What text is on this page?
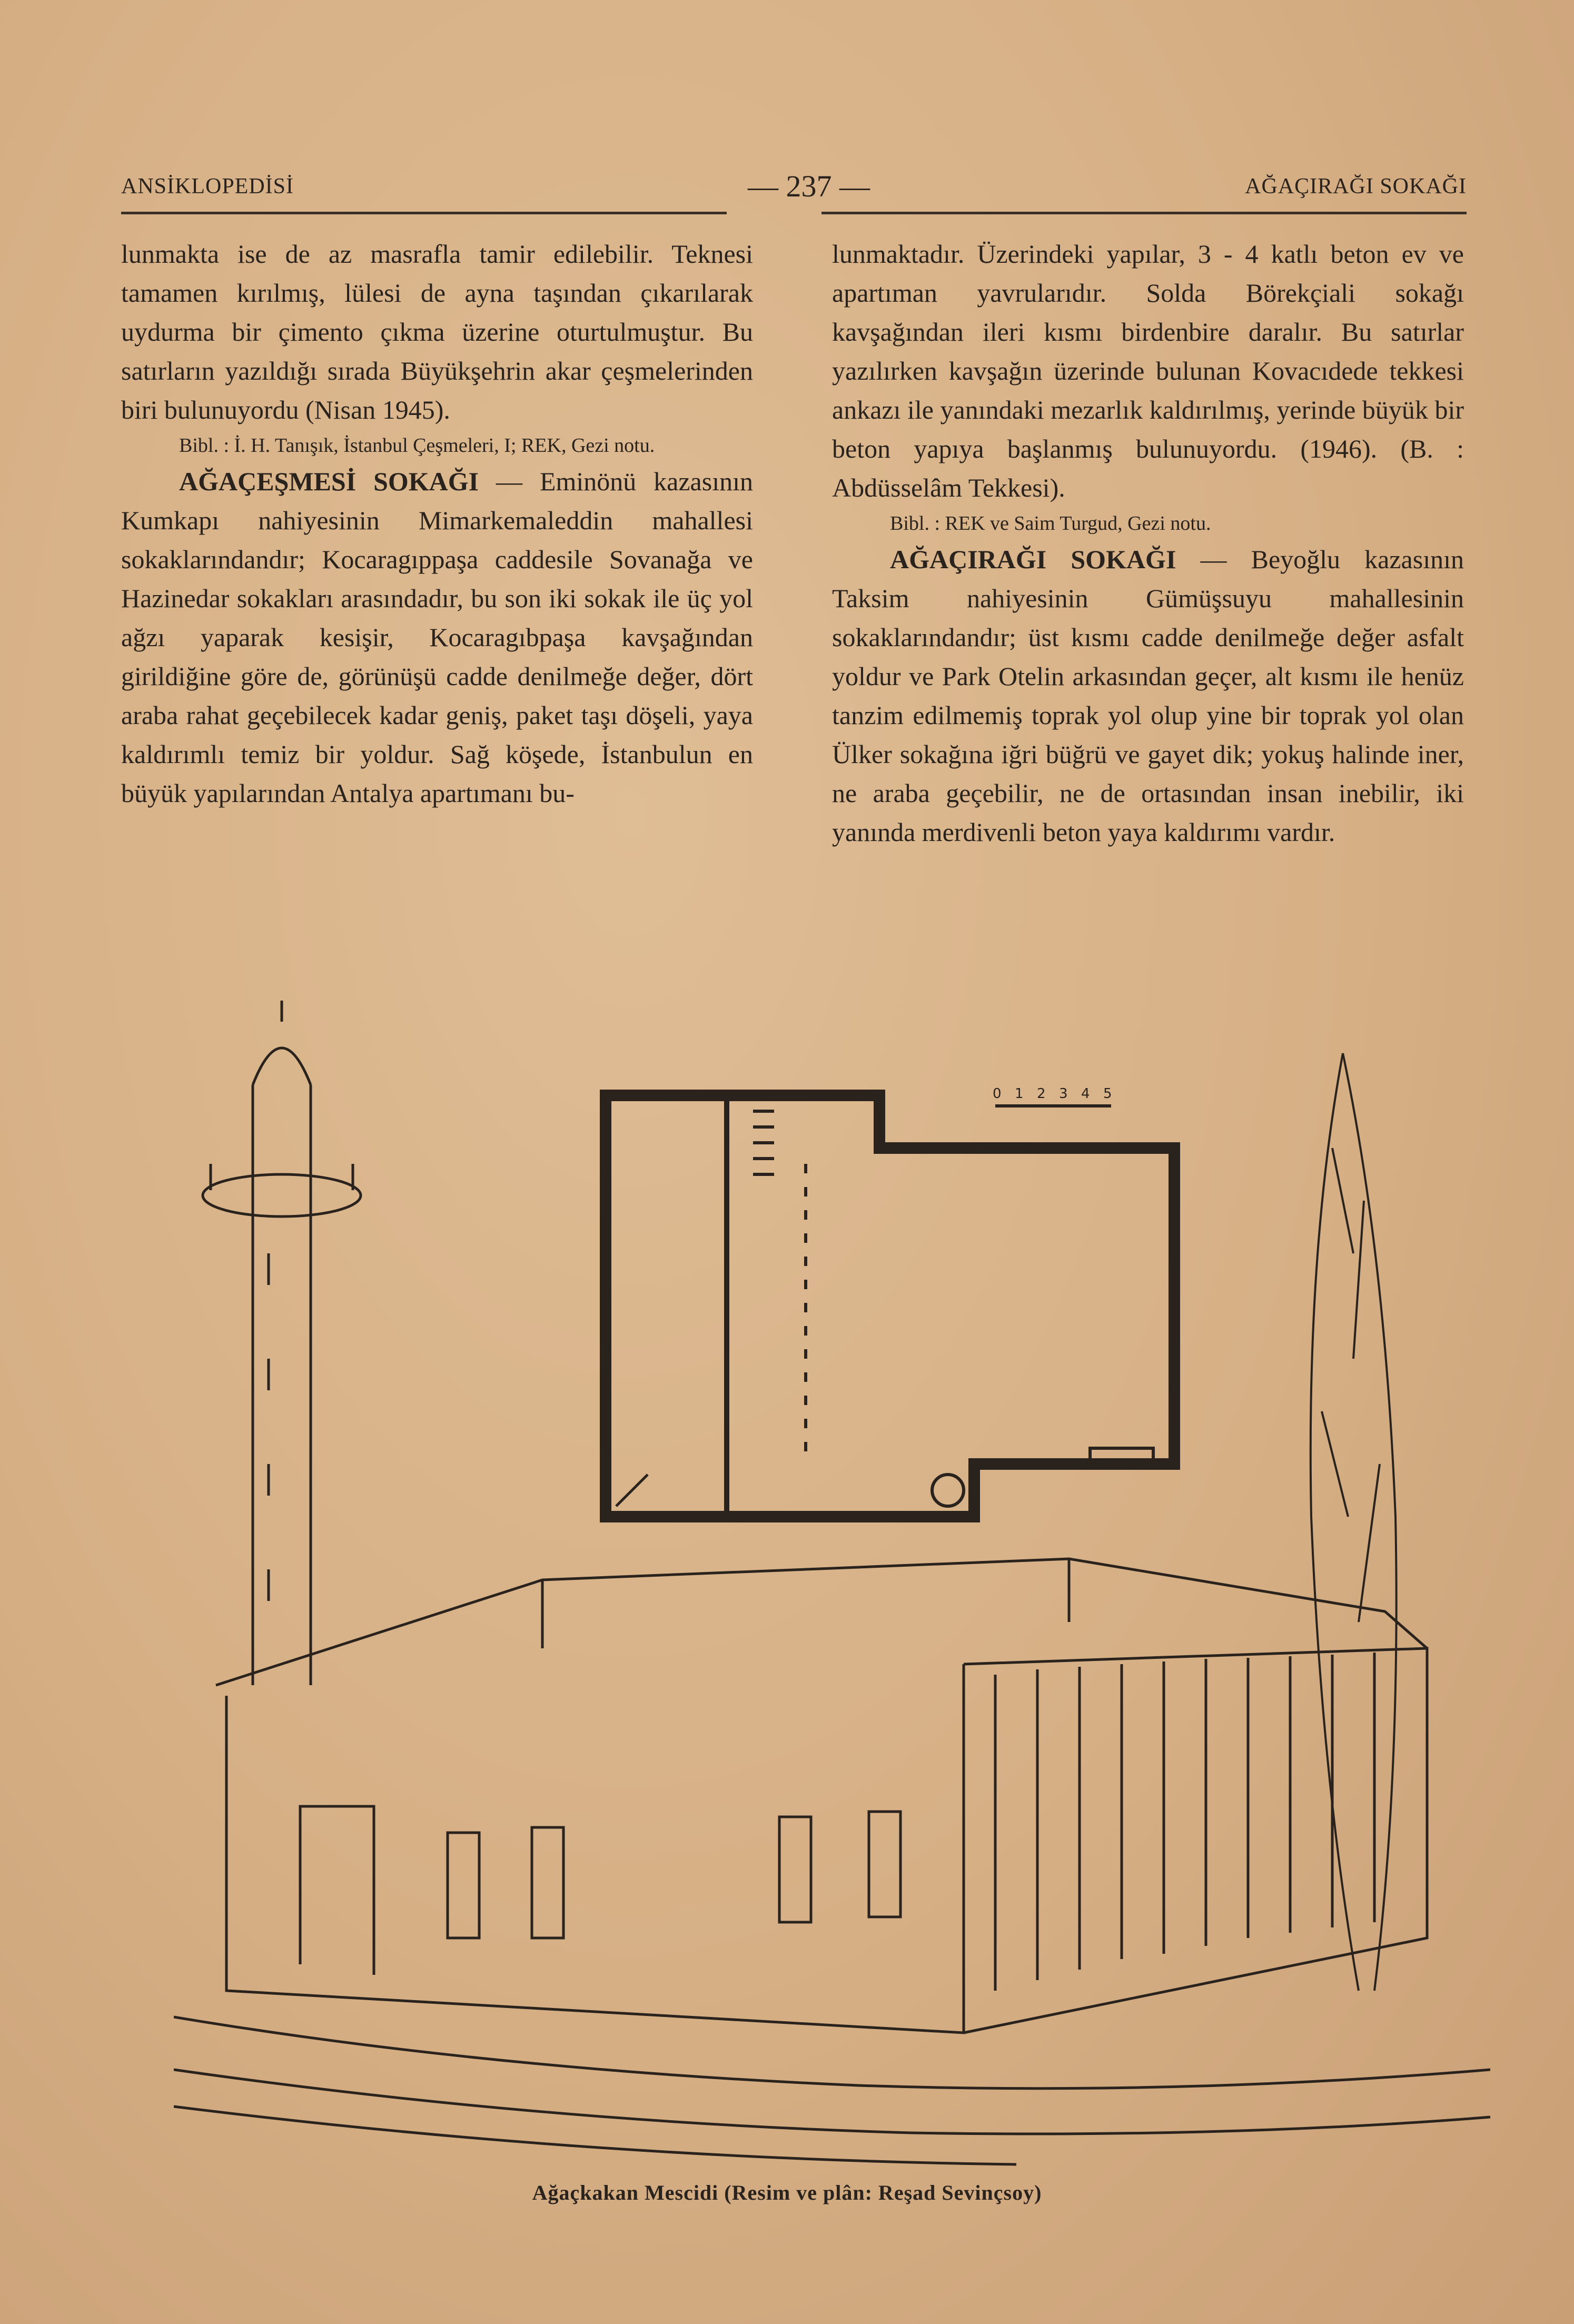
ANSİKLOPEDİSİ	— 237 —	AĞAÇIRAĞI SOKAĞI

lunmakta ise de az masrafla tamir edilebilir. Teknesi tamamen kırılmış, lülesi de ayna taşından çıkarılarak uydurma bir çimento çıkma üzerine oturtulmuştur. Bu satırların yazıldığı sırada Büyükşehrin akar çeşmelerinden biri bulunuyordu (Nisan 1945).

Bibl. : İ. H. Tanışık, İstanbul Çeşmeleri, I; REK, Gezi notu.

AĞAÇEŞMESİ SOKAĞI — Eminönü kazasının Kumkapı nahiyesinin Mimarkemaleddin mahallesi sokaklarındandır; Kocaragıppaşa caddesile Sovanağa ve Hazinedar sokakları arasındadır, bu son iki sokak ile üç yol ağzı yaparak kesişir, Kocaragıbpaşa kavşağından girildiğine göre de, görünüşü cadde denilmeğe değer, dört araba rahat geçebilecek kadar geniş, paket taşı döşeli, yaya kaldırımlı temiz bir yoldur. Sağ köşede, İstanbulun en büyük yapılarından Antalya apartımanı bu-

lunmaktadır. Üzerindeki yapılar, 3 - 4 katlı beton ev ve apartıman yavrularıdır. Solda Börekçiali sokağı kavşağından ileri kısmı birdenbire daralır. Bu satırlar yazılırken kavşağın üzerinde bulunan Kovacıdede tekkesi ankazı ile yanındaki mezarlık kaldırılmış, yerinde büyük bir beton yapıya başlanmış bulunuyordu. (1946). (B. : Abdüsselâm Tekkesi).

Bibl. : REK ve Saim Turgud, Gezi notu.

AĞAÇIRAĞI SOKAĞI — Beyoğlu kazasının Taksim nahiyesinin Gümüşsuyu mahallesinin sokaklarındandır; üst kısmı cadde denilmeğe değer asfalt yoldur ve Park Otelin arkasından geçer, alt kısmı ile henüz tanzim edilmemiş toprak yol olup yine bir toprak yol olan Ülker sokağına iğri büğrü ve gayet dik; yokuş halinde iner, ne araba geçebilir, ne de ortasından insan inebilir, iki yanında merdivenli beton yaya kaldırımı vardır.

0 1 2 3 4 5
Ağaçkakan Mescidi (Resim ve plân: Reşad Sevinçsoy)
